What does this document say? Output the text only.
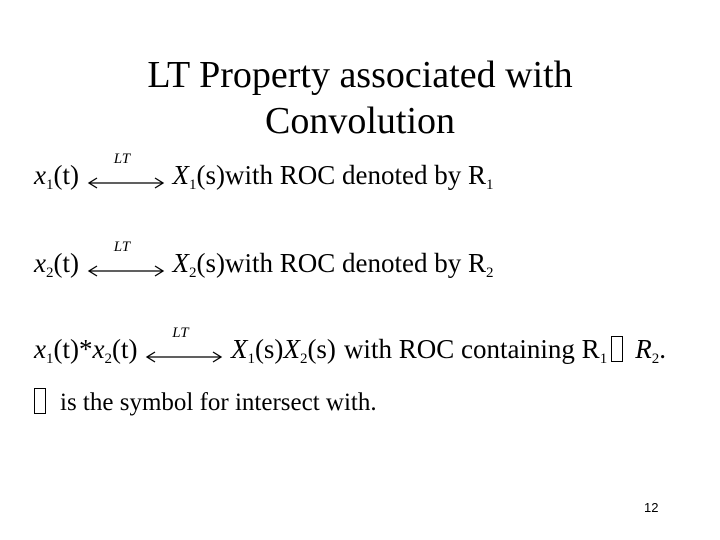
LT Property associated with
Convolution
$x_1(t)$
LT
$X_1(s)with$ ROC denoted by $R_1$
$x_2(t)$
LT
$X_2(s)with$ ROC denoted by $R_2$
$x_1(t)*x_2(t)$
LT
$X_1(s)X_2(s)$ with ROC containing $R_1$ $R_2$.
is the symbol for intersect with.
12
